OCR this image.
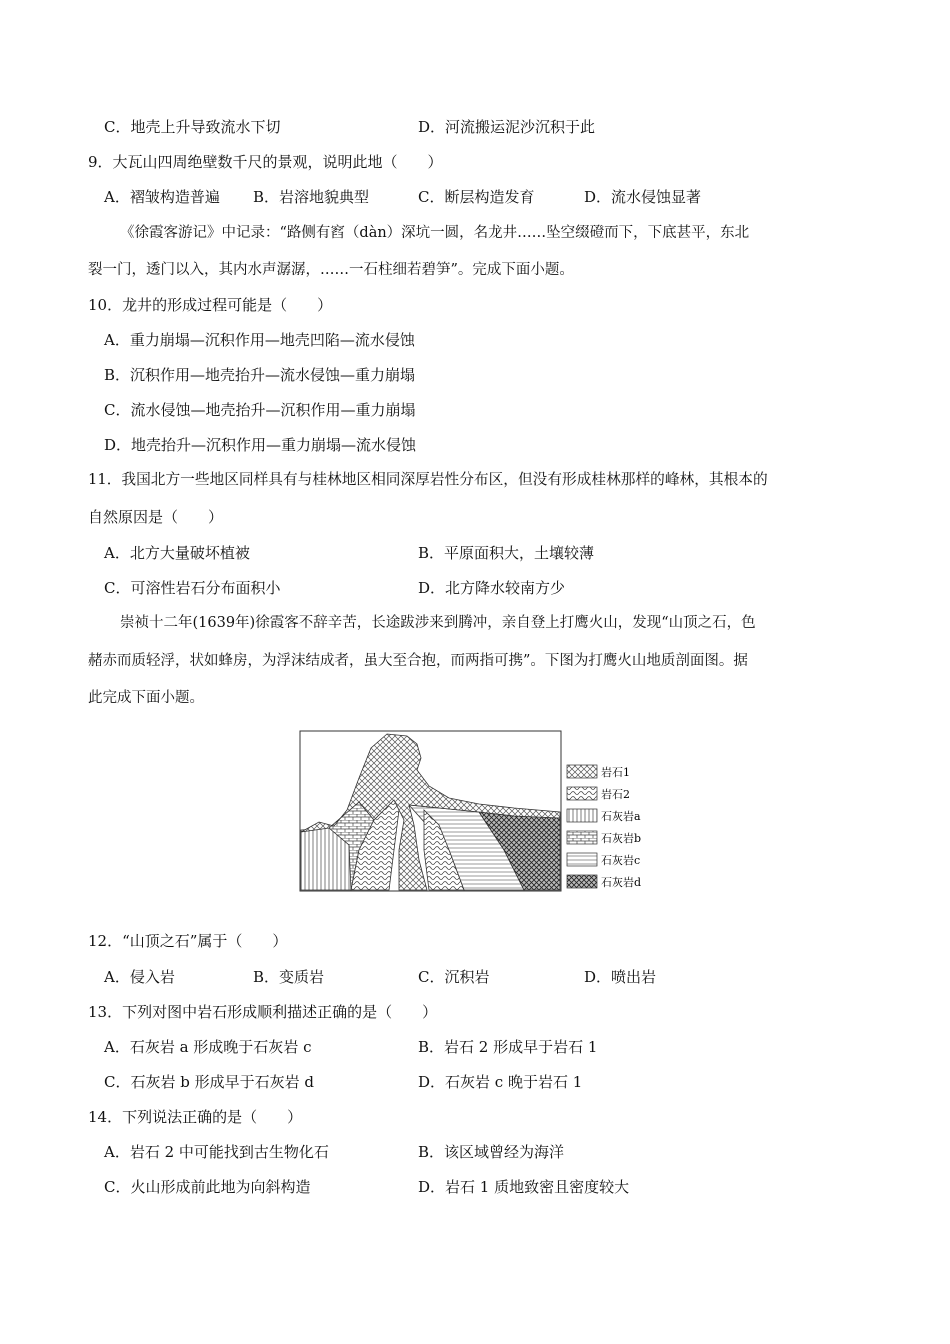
C．地壳上升导致流水下切	D．河流搬运泥沙沉积于此
9．大瓦山四周绝壁数千尺的景观，说明此地（　　）
A．褶皱构造普遍 B．岩溶地貌典型	C．断层构造发育	D．流水侵蚀显著
《徐霞客游记》中记录：“路侧有窞（dàn）深坑一圆，名龙井……坠空缀磴而下，下底甚平，东北
裂一门，透门以入，其内水声潺潺，……一石柱细若碧笋”。完成下面小题。
10．龙井的形成过程可能是（　　）
A．重力崩塌—沉积作用—地壳凹陷—流水侵蚀
B．沉积作用—地壳抬升—流水侵蚀—重力崩塌
C．流水侵蚀—地壳抬升—沉积作用—重力崩塌
D．地壳抬升—沉积作用—重力崩塌—流水侵蚀
11．我国北方一些地区同样具有与桂林地区相同深厚岩性分布区，但没有形成桂林那样的峰林，其根本的
自然原因是（　　）
A．北方大量破坏植被	B．平原面积大，土壤较薄
C．可溶性岩石分布面积小	D．北方降水较南方少
崇祯十二年(1639年)徐霞客不辞辛苦，长途跋涉来到腾冲，亲自登上打鹰火山，发现“山顶之石，色
赭赤而质轻浮，状如蜂房，为浮沫结成者，虽大至合抱，而两指可携”。下图为打鹰火山地质剖面图。据
此完成下面小题。
岩石1
岩石2
石灰岩a
石灰岩b
石灰岩c
石灰岩d
12．“山顶之石”属于（　　）
A．侵入岩	B．变质岩	C．沉积岩	D．喷出岩
13．下列对图中岩石形成顺利描述正确的是（　　）
A．石灰岩 a 形成晚于石灰岩 c	B．岩石 2 形成早于岩石 1
C．石灰岩 b 形成早于石灰岩 d	D．石灰岩 c 晚于岩石 1
14．下列说法正确的是（　　）
A．岩石 2 中可能找到古生物化石	B．该区域曾经为海洋
C．火山形成前此地为向斜构造	D．岩石 1 质地致密且密度较大
